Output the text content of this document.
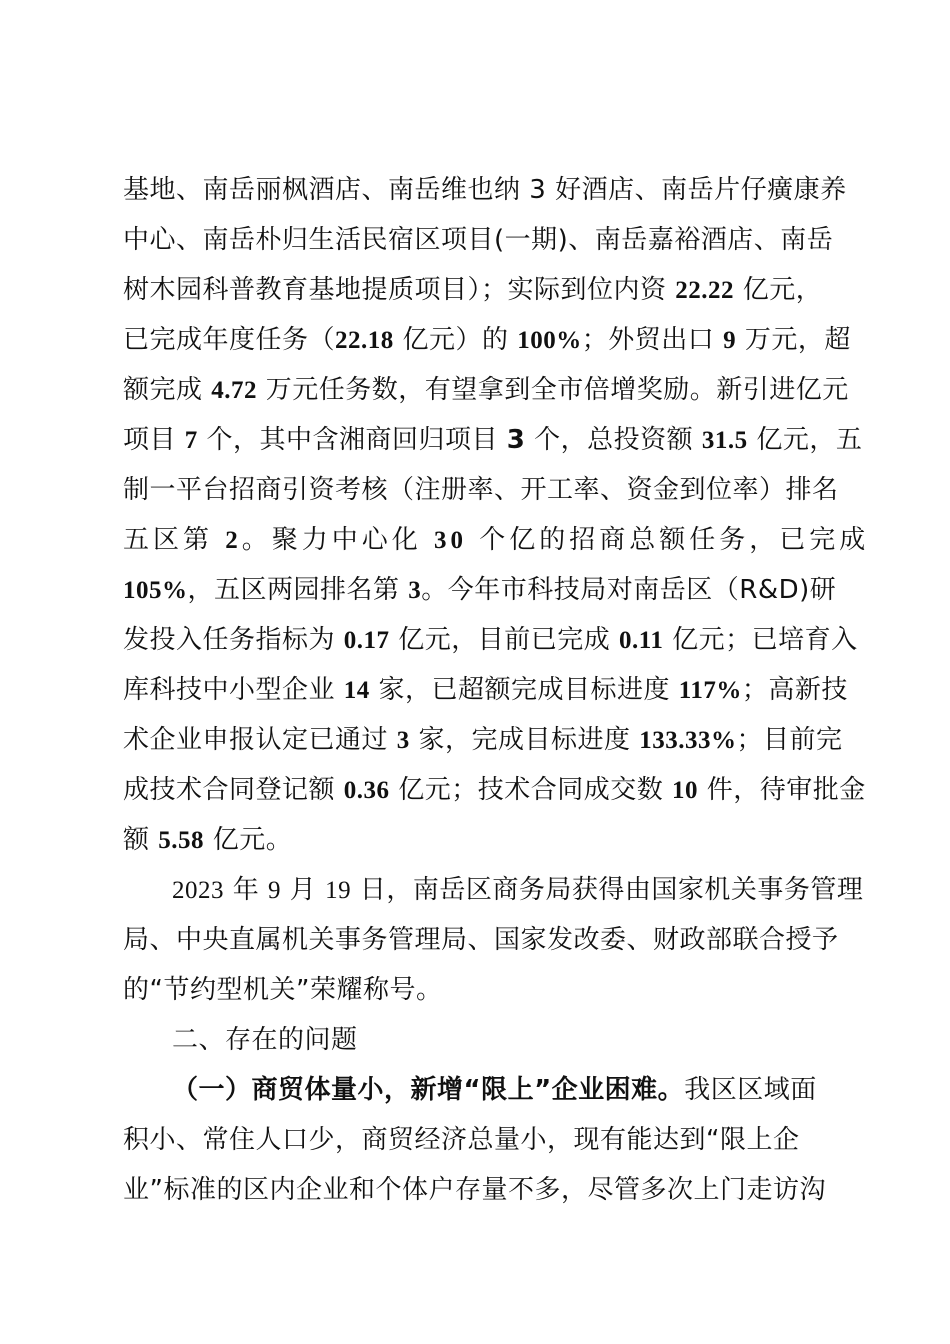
基地、南岳丽枫酒店、南岳维也纳 3 好酒店、南岳片仔癀康养
中心、南岳朴归生活民宿区项目(一期)、南岳嘉裕酒店、南岳
树木园科普教育基地提质项目）；实际到位内资 22.22 亿元，
已完成年度任务（22.18 亿元）的 100%；外贸出口 9 万元，超
额完成 4.72 万元任务数，有望拿到全市倍增奖励。新引进亿元
项目 7 个，其中含湘商回归项目 3 个，总投资额 31.5 亿元，五
制一平台招商引资考核（注册率、开工率、资金到位率）排名
五区第 2。聚力中心化 30 个亿的招商总额任务，已完成
105%，五区两园排名第 3。今年市科技局对南岳区（R&D)研
发投入任务指标为 0.17 亿元，目前已完成 0.11 亿元；已培育入
库科技中小型企业 14 家，已超额完成目标进度 117%；高新技
术企业申报认定已通过 3 家，完成目标进度 133.33%；目前完
成技术合同登记额 0.36 亿元；技术合同成交数 10 件，待审批金
额 5.58 亿元。
2023 年 9 月 19 日，南岳区商务局获得由国家机关事务管理
局、中央直属机关事务管理局、国家发改委、财政部联合授予
的“节约型机关”荣耀称号。
二、存在的问题
（一）商贸体量小，新增“限上”企业困难。我区区域面
积小、常住人口少，商贸经济总量小，现有能达到“限上企
业”标准的区内企业和个体户存量不多，尽管多次上门走访沟
